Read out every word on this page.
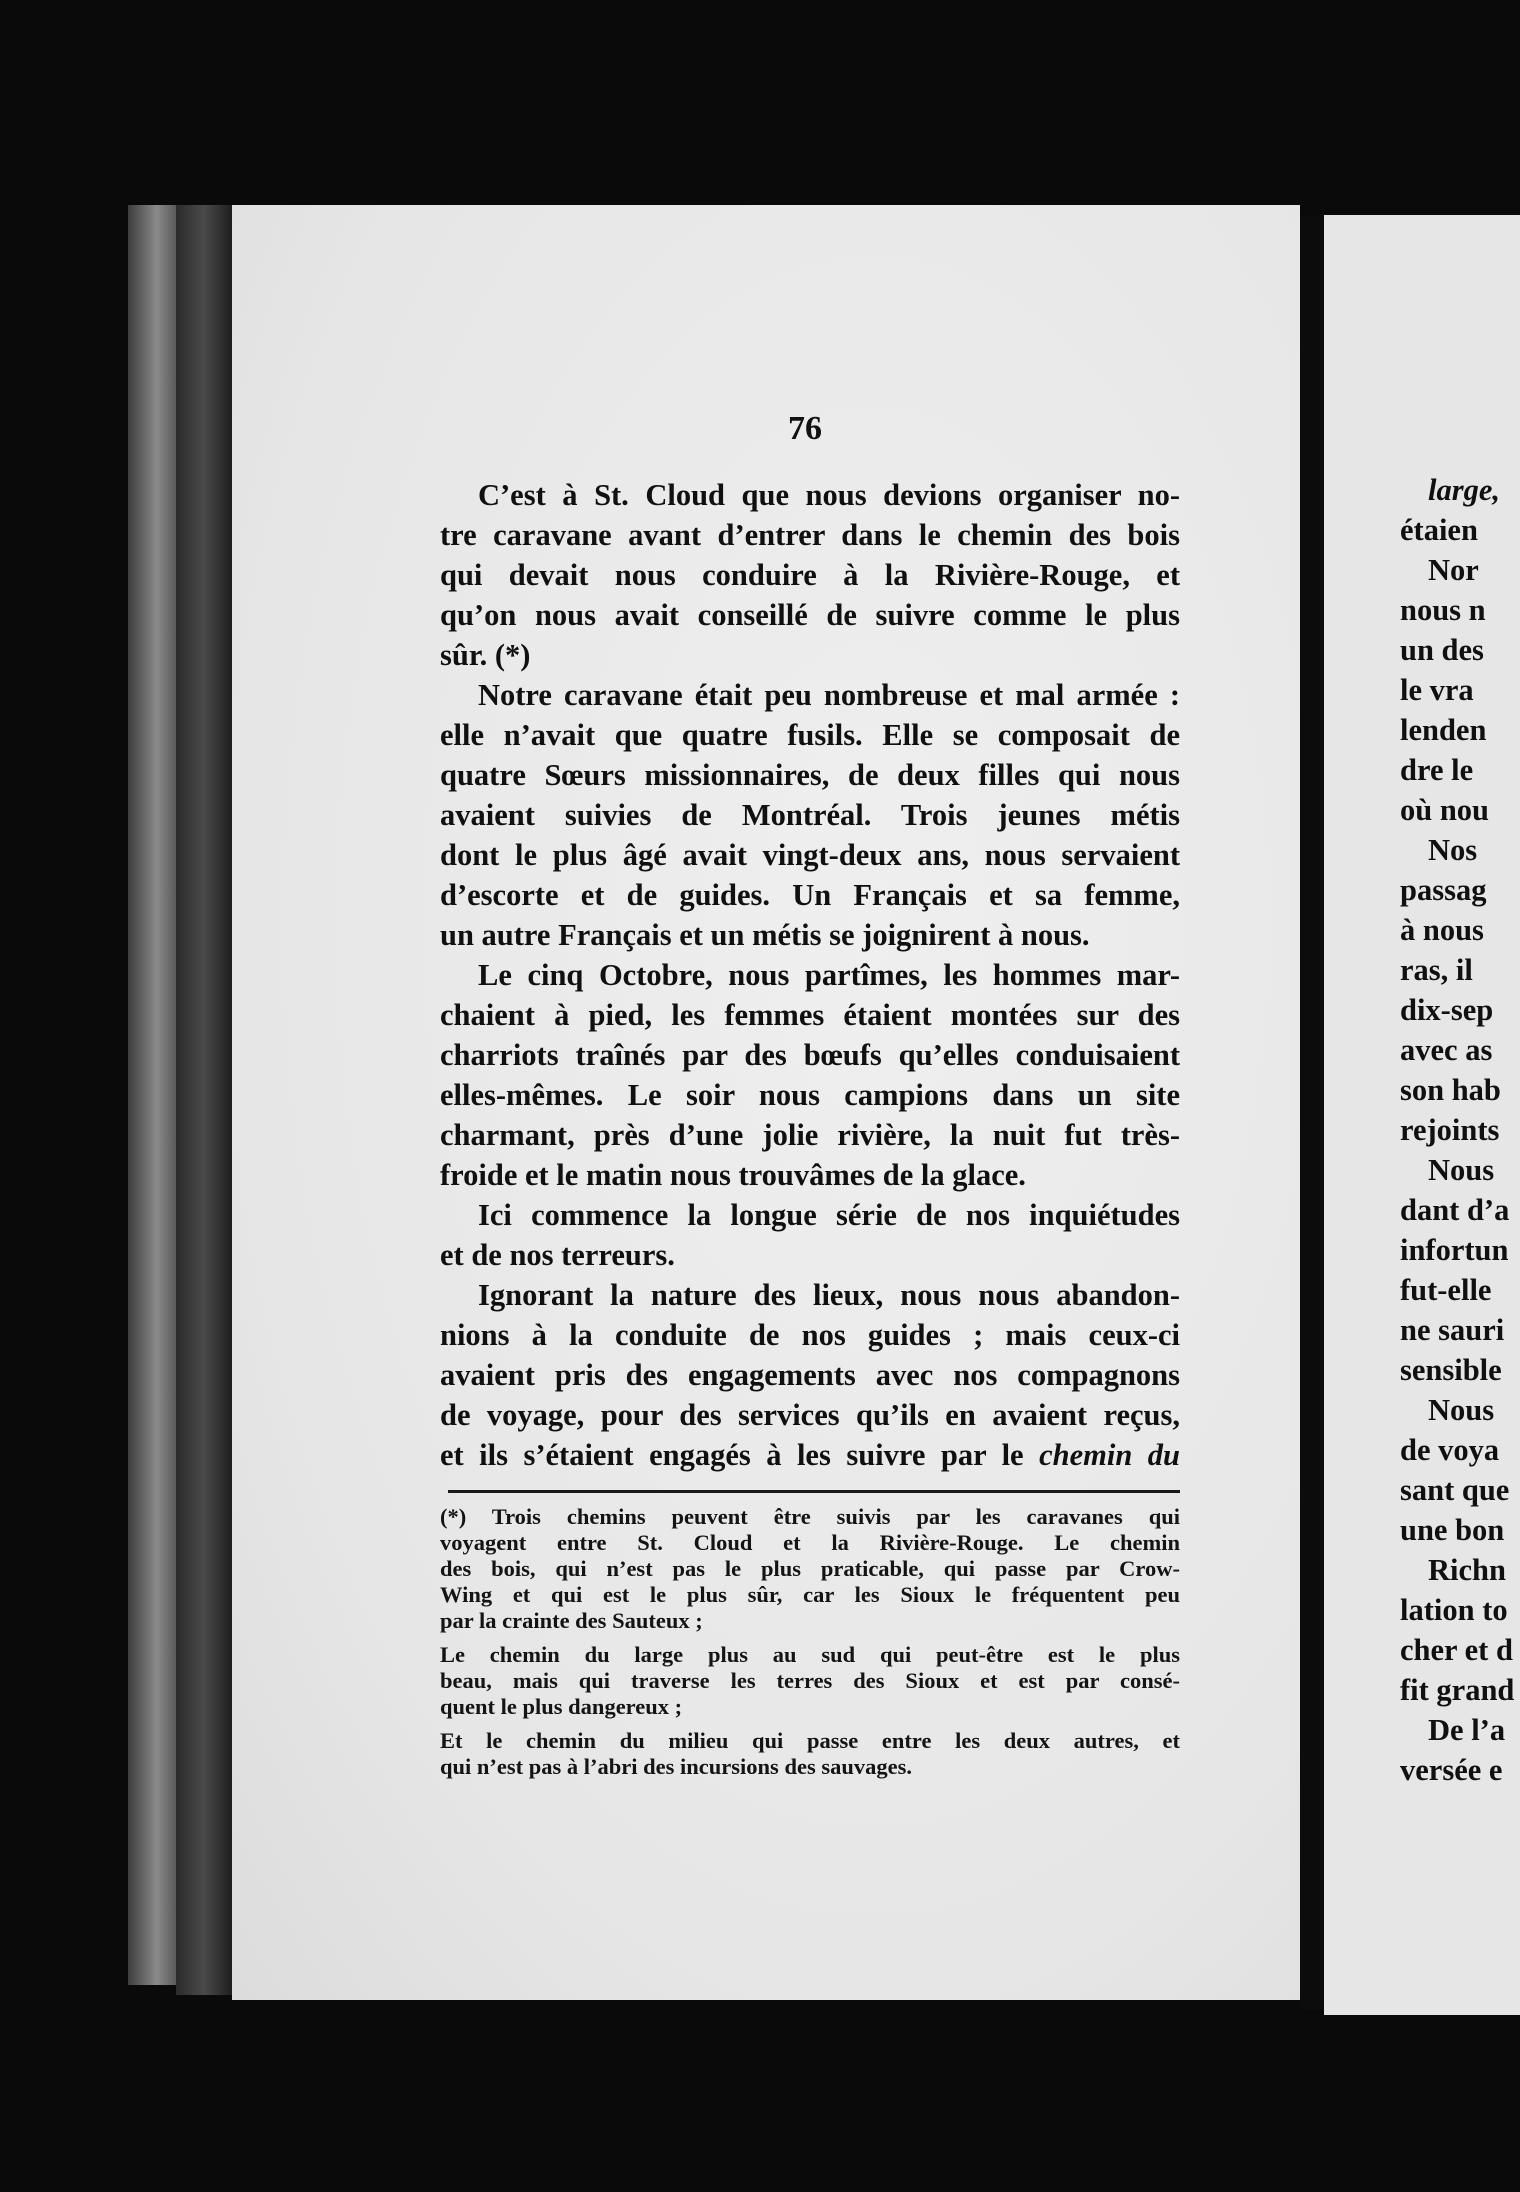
76
C’est à St. Cloud que nous devions organiser no-
tre caravane avant d’entrer dans le chemin des bois
qui devait nous conduire à la Rivière-Rouge, et
qu’on nous avait conseillé de suivre comme le plus
sûr. (*)
Notre caravane était peu nombreuse et mal armée :
elle n’avait que quatre fusils. Elle se composait de
quatre Sœurs missionnaires, de deux filles qui nous
avaient suivies de Montréal. Trois jeunes métis
dont le plus âgé avait vingt-deux ans, nous servaient
d’escorte et de guides. Un Français et sa femme,
un autre Français et un métis se joignirent à nous.
Le cinq Octobre, nous partîmes, les hommes mar-
chaient à pied, les femmes étaient montées sur des
charriots traînés par des bœufs qu’elles conduisaient
elles-mêmes. Le soir nous campions dans un site
charmant, près d’une jolie rivière, la nuit fut très-
froide et le matin nous trouvâmes de la glace.
Ici commence la longue série de nos inquiétudes
et de nos terreurs.
Ignorant la nature des lieux, nous nous abandon-
nions à la conduite de nos guides ; mais ceux-ci
avaient pris des engagements avec nos compagnons
de voyage, pour des services qu’ils en avaient reçus,
et ils s’étaient engagés à les suivre par le chemin du
(*) Trois chemins peuvent être suivis par les caravanes qui
voyagent entre St. Cloud et la Rivière-Rouge. Le chemin
des bois, qui n’est pas le plus praticable, qui passe par Crow-
Wing et qui est le plus sûr, car les Sioux le fréquentent peu
par la crainte des Sauteux ;
Le chemin du large plus au sud qui peut-être est le plus
beau, mais qui traverse les terres des Sioux et est par consé-
quent le plus dangereux ;
Et le chemin du milieu qui passe entre les deux autres, et
qui n’est pas à l’abri des incursions des sauvages.
large,
étaien
Nor
nous n
un des
le vra
lenden
dre le
où nou
Nos
passag
à nous
ras, il
dix-sep
avec as
son hab
rejoints
Nous
dant d’a
infortun
fut-elle
ne sauri
sensible
Nous
de voya
sant que
une bon
Richn
lation to
cher et d
fit grand
De l’a
versée e
